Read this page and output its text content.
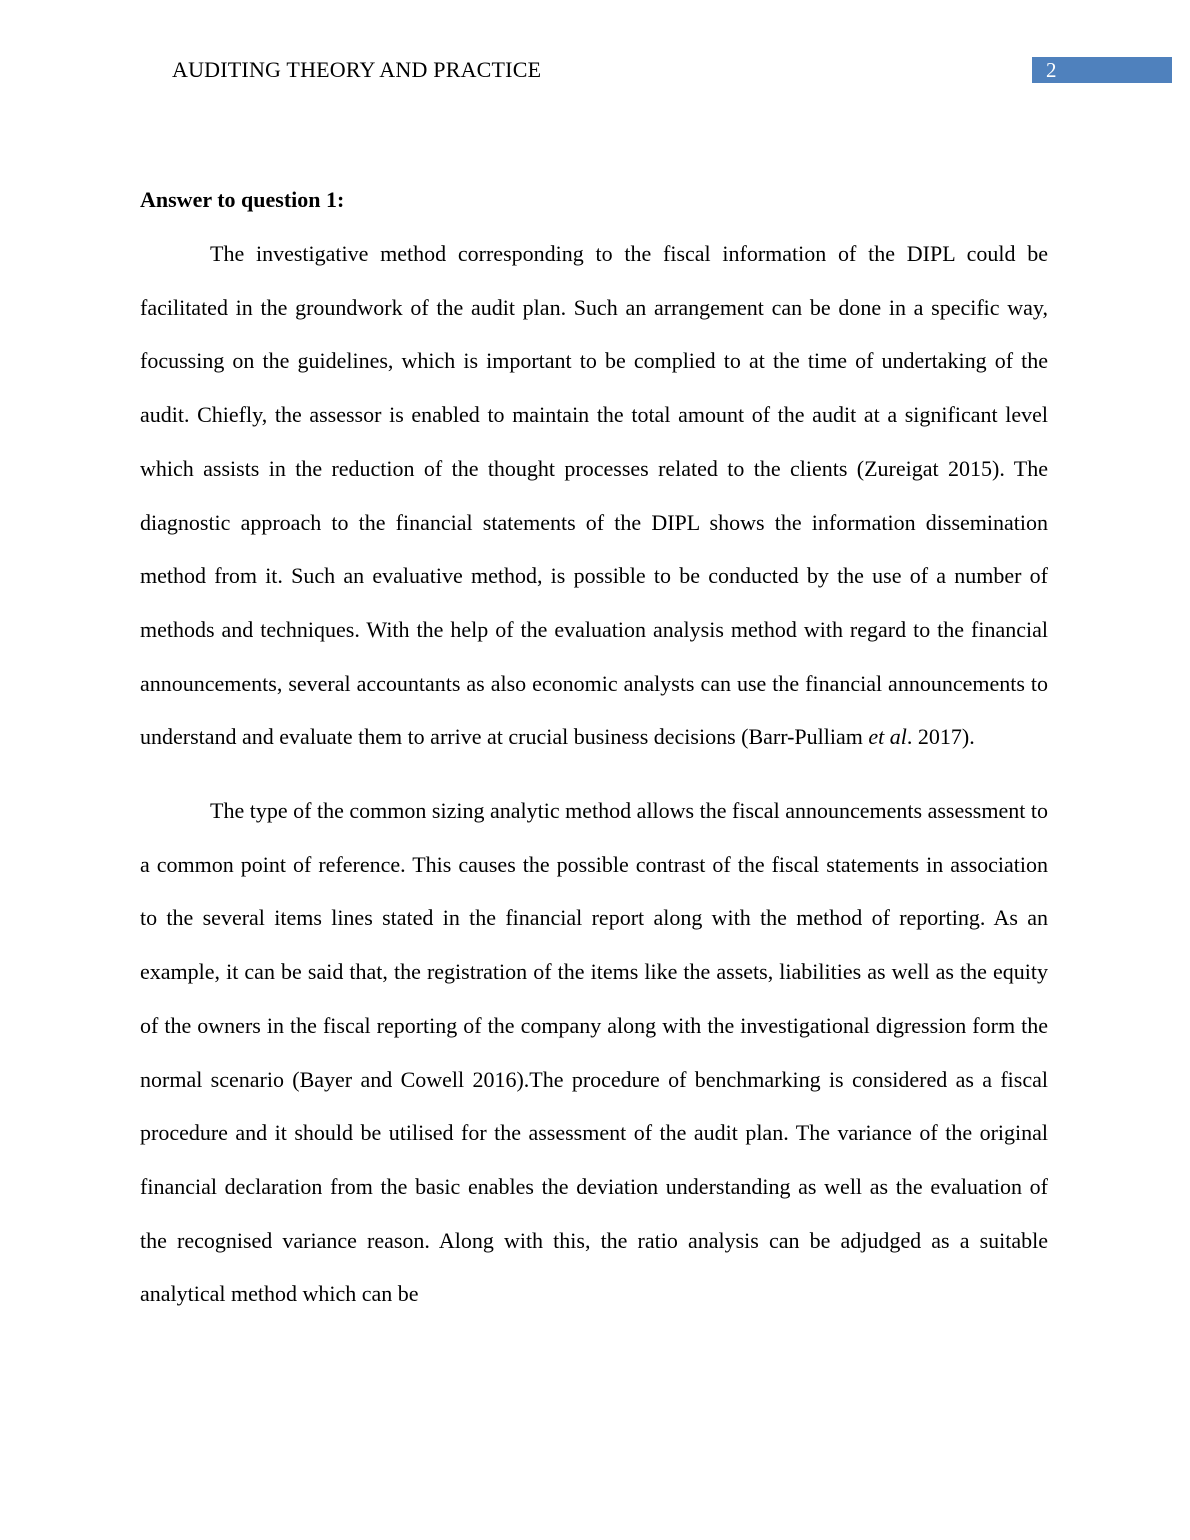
AUDITING THEORY AND PRACTICE	2

Answer to question 1:

The investigative method corresponding to the fiscal information of the DIPL could be facilitated in the groundwork of the audit plan. Such an arrangement can be done in a specific way, focussing on the guidelines, which is important to be complied to at the time of undertaking of the audit. Chiefly, the assessor is enabled to maintain the total amount of the audit at a significant level which assists in the reduction of the thought processes related to the clients (Zureigat 2015). The diagnostic approach to the financial statements of the DIPL shows the information dissemination method from it. Such an evaluative method, is possible to be conducted by the use of a number of methods and techniques. With the help of the evaluation analysis method with regard to the financial announcements, several accountants as also economic analysts can use the financial announcements to understand and evaluate them to arrive at crucial business decisions (Barr-Pulliam et al. 2017).

The type of the common sizing analytic method allows the fiscal announcements assessment to a common point of reference. This causes the possible contrast of the fiscal statements in association to the several items lines stated in the financial report along with the method of reporting. As an example, it can be said that, the registration of the items like the assets, liabilities as well as the equity of the owners in the fiscal reporting of the company along with the investigational digression form the normal scenario (Bayer and Cowell 2016).The procedure of benchmarking is considered as a fiscal procedure and it should be utilised for the assessment of the audit plan. The variance of the original financial declaration from the basic enables the deviation understanding as well as the evaluation of the recognised variance reason. Along with this, the ratio analysis can be adjudged as a suitable analytical method which can be
